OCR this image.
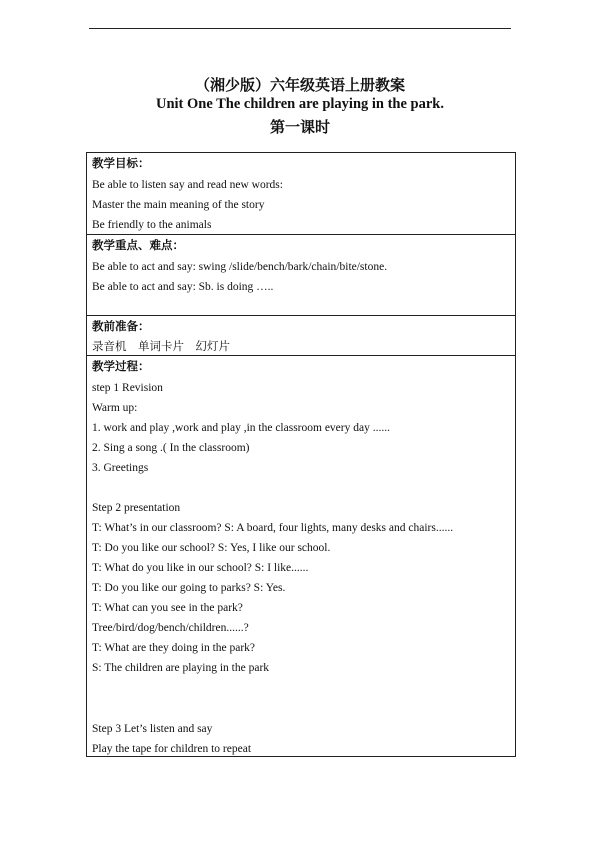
（湘少版）六年级英语上册教案
Unit One The children are playing in the park.
第一课时
教学目标：
Be able to listen say and read new words:
Master the main meaning of the story
Be friendly to the animals
教学重点、难点：
Be able to act and say: swing /slide/bench/bark/chain/bite/stone.
Be able to act and say: Sb. is doing …..
教前准备：
录音机　单词卡片　幻灯片
教学过程：
step 1 Revision
Warm up:
1. work and play ,work and play ,in the classroom every day ......
2. Sing a song .( In the classroom)
3. Greetings
Step 2 presentation
T: What’s in our classroom? S: A board, four lights, many desks and chairs......
T: Do you like our school? S: Yes, I like our school.
T: What do you like in our school? S: I like......
T: Do you like our going to parks? S: Yes.
T: What can you see in the park?
Tree/bird/dog/bench/children......?
T: What are they doing in the park?
S: The children are playing in the park
Step 3 Let’s listen and say
Play the tape for children to repeat
